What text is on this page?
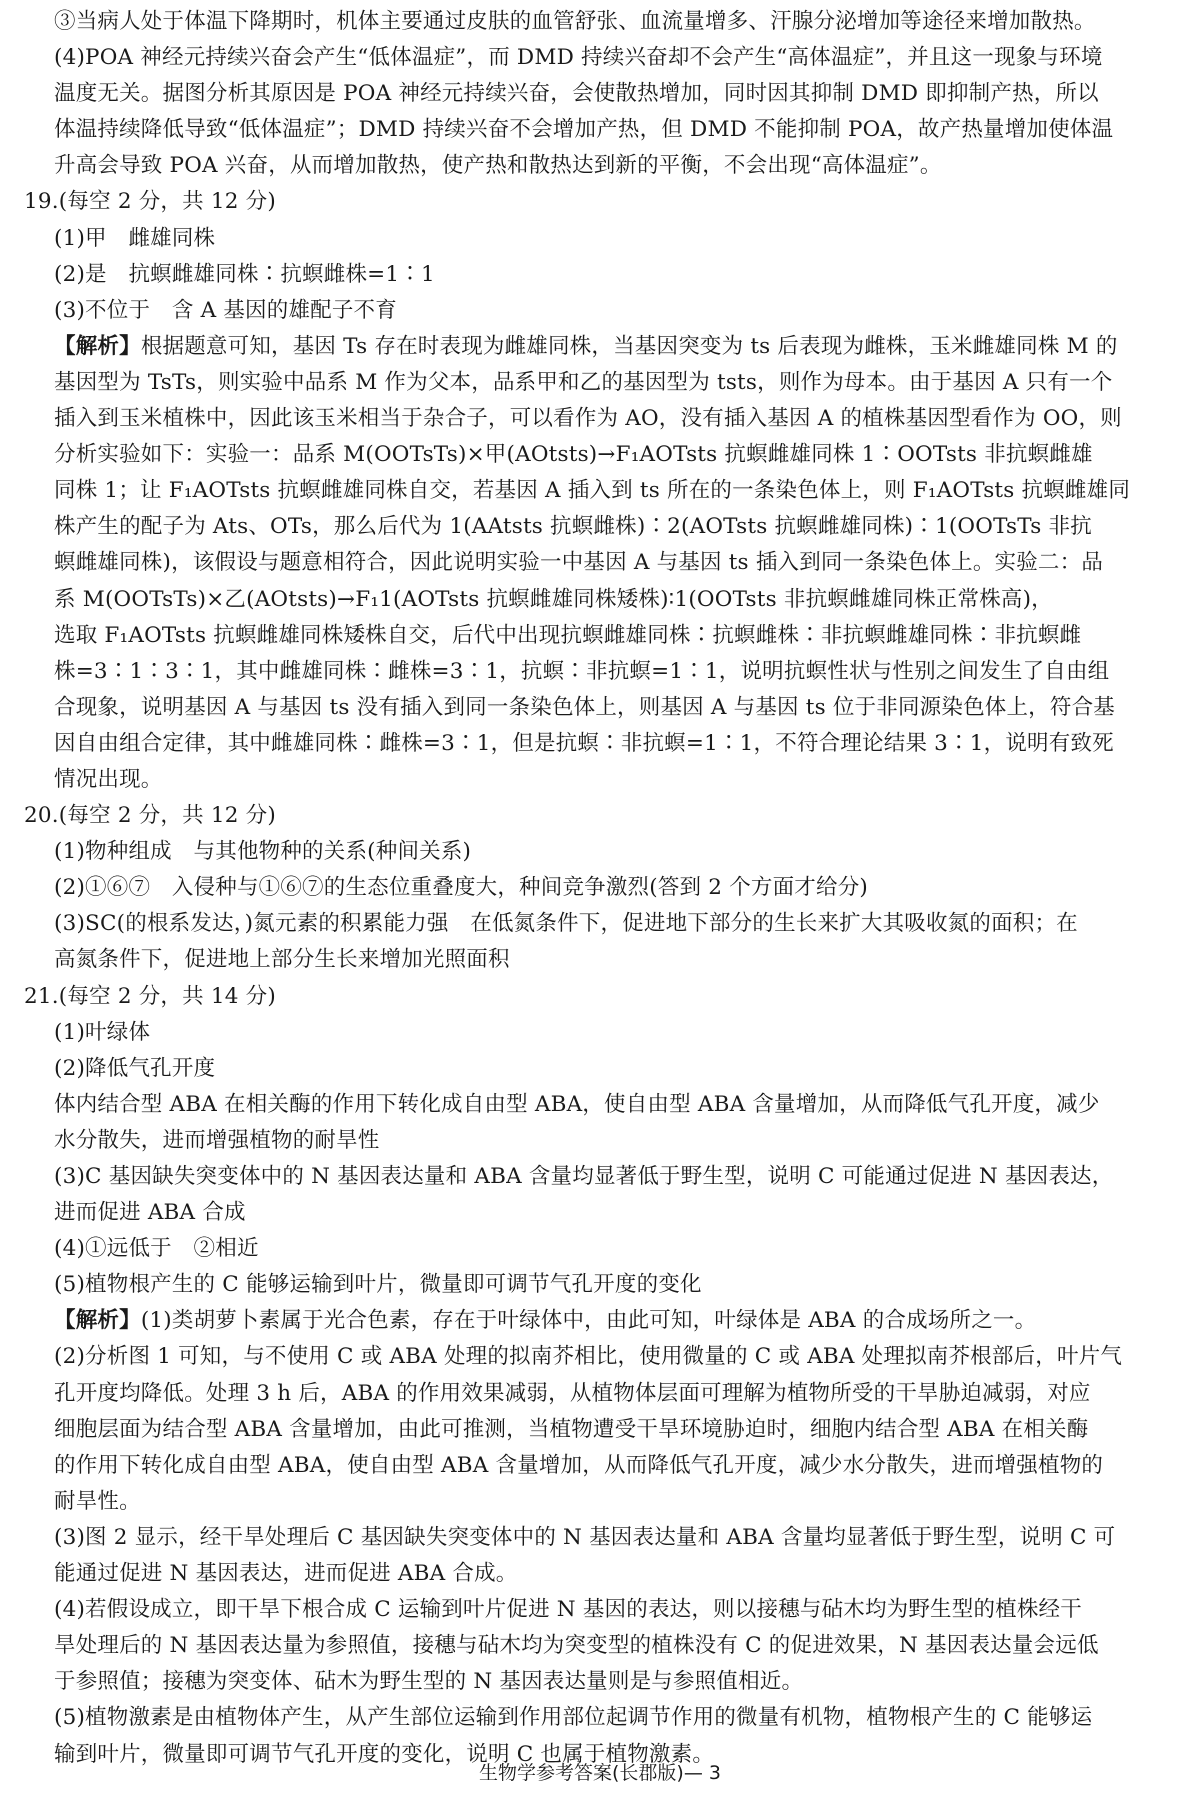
③当病人处于体温下降期时，机体主要通过皮肤的血管舒张、血流量增多、汗腺分泌增加等途径来增加散热。
(4)POA 神经元持续兴奋会产生“低体温症”，而 DMD 持续兴奋却不会产生“高体温症”，并且这一现象与环境
温度无关。据图分析其原因是 POA 神经元持续兴奋，会使散热增加，同时因其抑制 DMD 即抑制产热，所以
体温持续降低导致“低体温症”；DMD 持续兴奋不会增加产热，但 DMD 不能抑制 POA，故产热量增加使体温
升高会导致 POA 兴奋，从而增加散热，使产热和散热达到新的平衡，不会出现“高体温症”。
19.(每空 2 分，共 12 分)
(1)甲　雌雄同株
(2)是　抗螟雌雄同株∶抗螟雌株=1∶1
(3)不位于　含 A 基因的雄配子不育
【解析】根据题意可知，基因 Ts 存在时表现为雌雄同株，当基因突变为 ts 后表现为雌株，玉米雌雄同株 M 的
基因型为 TsTs，则实验中品系 M 作为父本，品系甲和乙的基因型为 tsts，则作为母本。由于基因 A 只有一个
插入到玉米植株中，因此该玉米相当于杂合子，可以看作为 AO，没有插入基因 A 的植株基因型看作为 OO，则
分析实验如下：实验一：品系 M(OOTsTs)×甲(AOtsts)→F₁AOTsts 抗螟雌雄同株 1∶OOTsts 非抗螟雌雄
同株 1；让 F₁AOTsts 抗螟雌雄同株自交，若基因 A 插入到 ts 所在的一条染色体上，则 F₁AOTsts 抗螟雌雄同
株产生的配子为 Ats、OTs，那么后代为 1(AAtsts 抗螟雌株)∶2(AOTsts 抗螟雌雄同株)∶1(OOTsTs 非抗
螟雌雄同株)，该假设与题意相符合，因此说明实验一中基因 A 与基因 ts 插入到同一条染色体上。实验二：品
系 M(OOTsTs)×乙(AOtsts)→F₁1(AOTsts 抗螟雌雄同株矮株)∶1(OOTsts 非抗螟雌雄同株正常株高)，
选取 F₁AOTsts 抗螟雌雄同株矮株自交，后代中出现抗螟雌雄同株∶抗螟雌株∶非抗螟雌雄同株∶非抗螟雌
株=3∶1∶3∶1，其中雌雄同株∶雌株=3∶1，抗螟∶非抗螟=1∶1，说明抗螟性状与性别之间发生了自由组
合现象，说明基因 A 与基因 ts 没有插入到同一条染色体上，则基因 A 与基因 ts 位于非同源染色体上，符合基
因自由组合定律，其中雌雄同株∶雌株=3∶1，但是抗螟∶非抗螟=1∶1，不符合理论结果 3∶1，说明有致死
情况出现。
20.(每空 2 分，共 12 分)
(1)物种组成　与其他物种的关系(种间关系)
(2)①⑥⑦　入侵种与①⑥⑦的生态位重叠度大，种间竞争激烈(答到 2 个方面才给分)
(3)SC(的根系发达，)氮元素的积累能力强　在低氮条件下，促进地下部分的生长来扩大其吸收氮的面积；在
高氮条件下，促进地上部分生长来增加光照面积
21.(每空 2 分，共 14 分)
(1)叶绿体
(2)降低气孔开度
体内结合型 ABA 在相关酶的作用下转化成自由型 ABA，使自由型 ABA 含量增加，从而降低气孔开度，减少
水分散失，进而增强植物的耐旱性
(3)C 基因缺失突变体中的 N 基因表达量和 ABA 含量均显著低于野生型，说明 C 可能通过促进 N 基因表达，
进而促进 ABA 合成
(4)①远低于　②相近
(5)植物根产生的 C 能够运输到叶片，微量即可调节气孔开度的变化
【解析】(1)类胡萝卜素属于光合色素，存在于叶绿体中，由此可知，叶绿体是 ABA 的合成场所之一。
(2)分析图 1 可知，与不使用 C 或 ABA 处理的拟南芥相比，使用微量的 C 或 ABA 处理拟南芥根部后，叶片气
孔开度均降低。处理 3 h 后，ABA 的作用效果减弱，从植物体层面可理解为植物所受的干旱胁迫减弱，对应
细胞层面为结合型 ABA 含量增加，由此可推测，当植物遭受干旱环境胁迫时，细胞内结合型 ABA 在相关酶
的作用下转化成自由型 ABA，使自由型 ABA 含量增加，从而降低气孔开度，减少水分散失，进而增强植物的
耐旱性。
(3)图 2 显示，经干旱处理后 C 基因缺失突变体中的 N 基因表达量和 ABA 含量均显著低于野生型，说明 C 可
能通过促进 N 基因表达，进而促进 ABA 合成。
(4)若假设成立，即干旱下根合成 C 运输到叶片促进 N 基因的表达，则以接穗与砧木均为野生型的植株经干
旱处理后的 N 基因表达量为参照值，接穗与砧木均为突变型的植株没有 C 的促进效果，N 基因表达量会远低
于参照值；接穗为突变体、砧木为野生型的 N 基因表达量则是与参照值相近。
(5)植物激素是由植物体产生，从产生部位运输到作用部位起调节作用的微量有机物，植物根产生的 C 能够运
输到叶片，微量即可调节气孔开度的变化，说明 C 也属于植物激素。
生物学参考答案(长郡版)— 3
